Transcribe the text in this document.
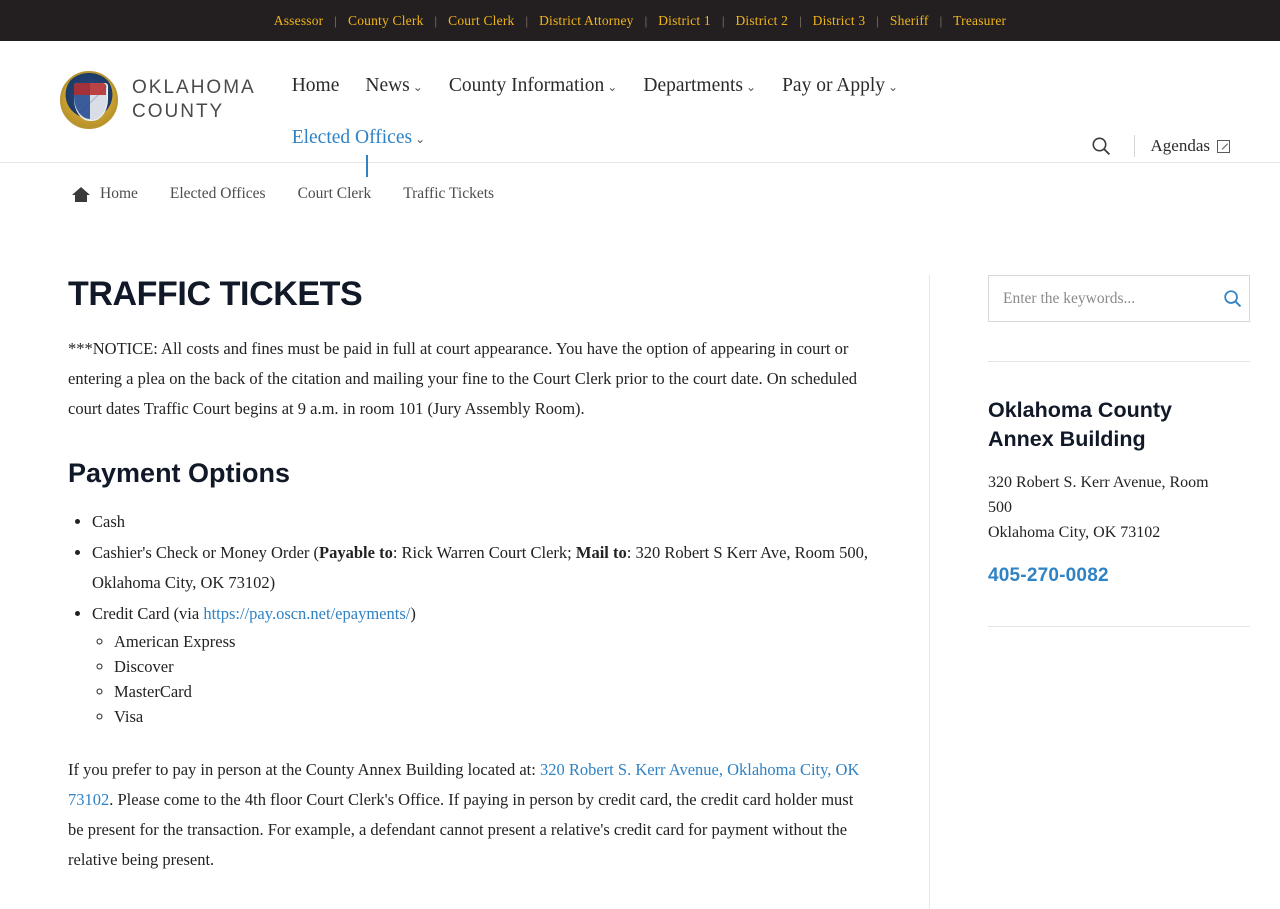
Assessor | County Clerk | Court Clerk | District Attorney | District 1 | District 2 | District 3 | Sheriff | Treasurer
OKLAHOMA
COUNTY
Home	News ⌄	County Information ⌄	Departments ⌄	Pay or Apply ⌄
Elected Offices ⌄	Agendas
Home	Elected Offices	Court Clerk	Traffic Tickets
TRAFFIC TICKETS

***NOTICE: All costs and fines must be paid in full at court appearance. You have the option of appearing in court or entering a plea on the back of the citation and mailing your fine to the Court Clerk prior to the court date. On scheduled court dates Traffic Court begins at 9 a.m. in room 101 (Jury Assembly Room).

Payment Options
• Cash
• Cashier's Check or Money Order (Payable to: Rick Warren Court Clerk; Mail to: 320 Robert S Kerr Ave, Room 500, Oklahoma City, OK 73102)
• Credit Card (via https://pay.oscn.net/epayments/)
◦ American Express
◦ Discover
◦ MasterCard
◦ Visa

If you prefer to pay in person at the County Annex Building located at: 320 Robert S. Kerr Avenue, Oklahoma City, OK 73102. Please come to the 4th floor Court Clerk's Office. If paying in person by credit card, the credit card holder must be present for the transaction. For example, a defendant cannot present a relative's credit card for payment without the relative being present.

Enter the keywords...
Oklahoma County Annex Building

320 Robert S. Kerr Avenue, Room 500
Oklahoma City, OK 73102

405-270-0082
